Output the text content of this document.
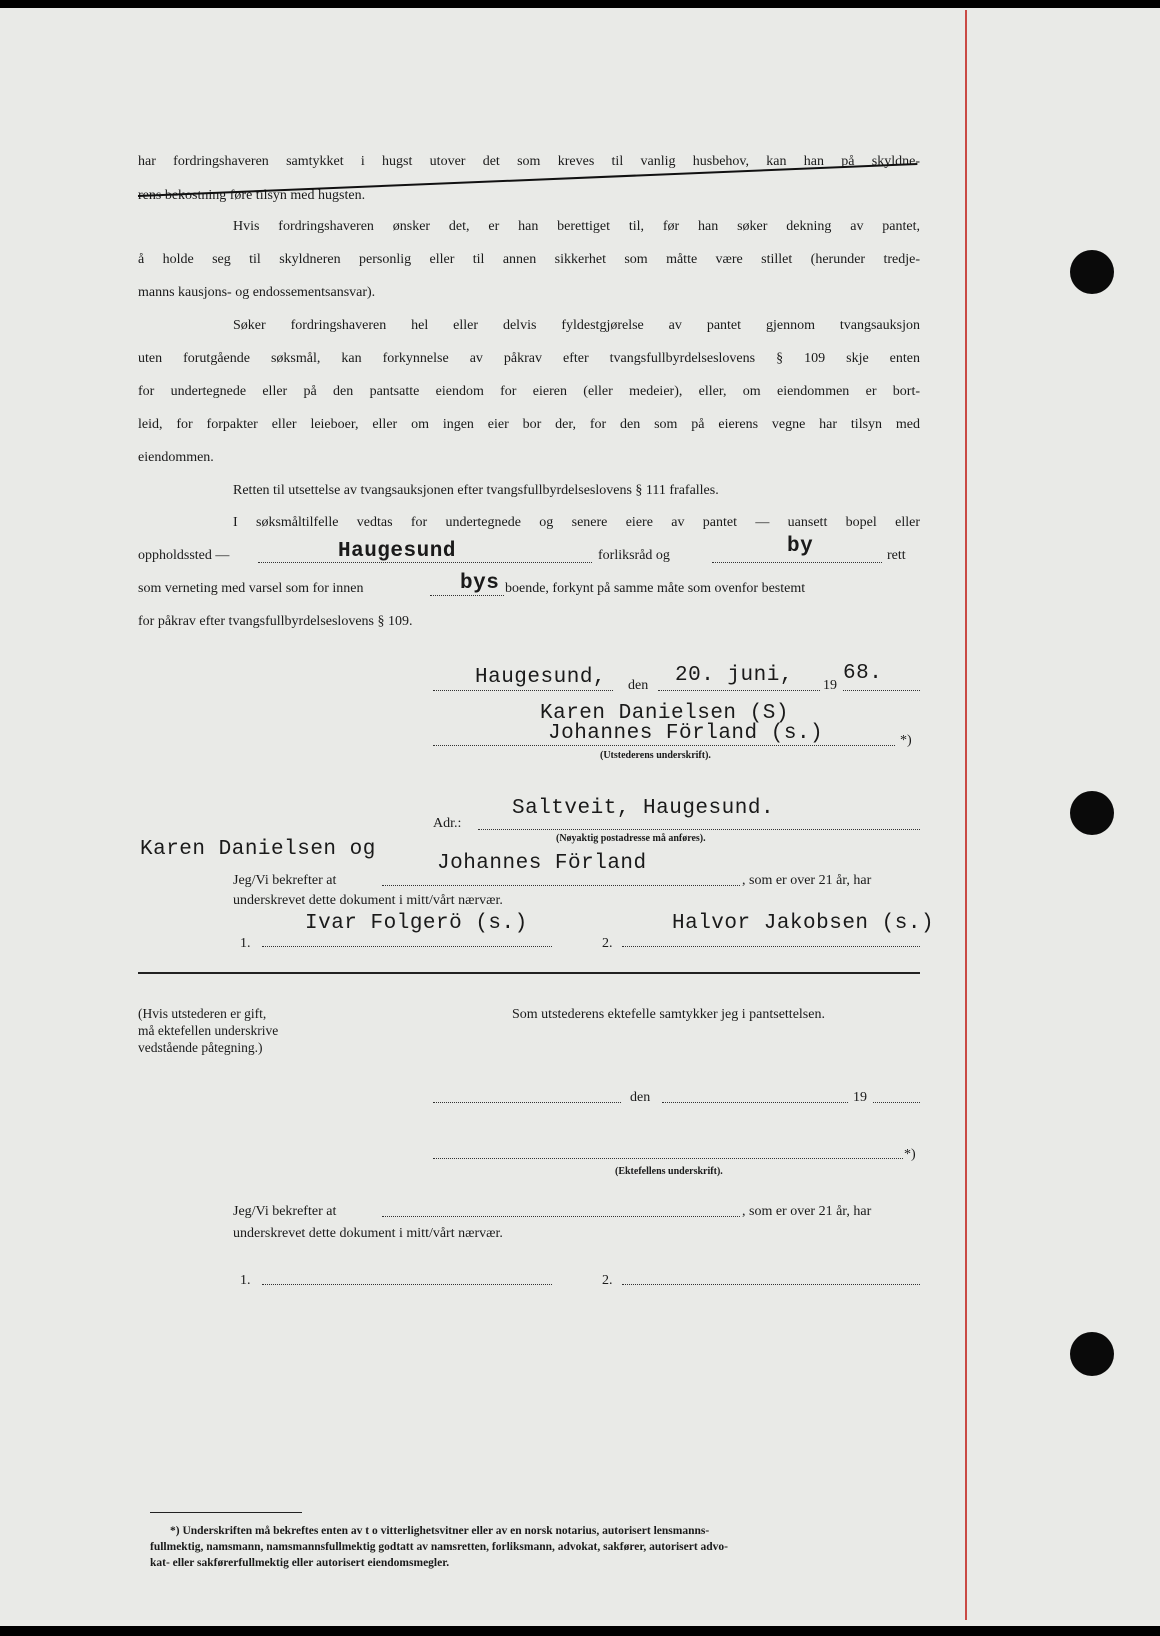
har fordringshaveren samtykket i hugst utover det som kreves til vanlig husbehov, kan han på skyldne-
rens bekostning føre tilsyn med hugsten.
Hvis fordringshaveren ønsker det, er han berettiget til, før han søker dekning av pantet,
å holde seg til skyldneren personlig eller til annen sikkerhet som måtte være stillet (herunder tredje-
manns kausjons- og endossementsansvar).
Søker fordringshaveren hel eller delvis fyldestgjørelse av pantet gjennom tvangsauksjon
uten forutgående søksmål, kan forkynnelse av påkrav efter tvangsfullbyrdelseslovens § 109 skje enten
for undertegnede eller på den pantsatte eiendom for eieren (eller medeier), eller, om eiendommen er bort-
leid, for forpakter eller leieboer, eller om ingen eier bor der, for den som på eierens vegne har tilsyn med
eiendommen.
Retten til utsettelse av tvangsauksjonen efter tvangsfullbyrdelseslovens § 111 frafalles.
I søksmåltilfelle vedtas for undertegnede og senere eiere av pantet — uansett bopel eller
oppholdssted —	Haugesund	forliksråd og	by	rett
som verneting med varsel som for innen	bys boende, forkynt på samme måte som ovenfor bestemt
for påkrav efter tvangsfullbyrdelseslovens § 109.
Haugesund, den 20. juni, 19
68.
Karen Danielsen (S)
Johannes Förland (s.)	*)
(Utstederens underskrift).
Adr.:
Saltveit, Haugesund.
(Nøyaktig postadresse må anføres).
Karen Danielsen og
Jeg/Vi bekrefter at
Johannes Förland
, som er over 21 år, har
underskrevet dette dokument i mitt/vårt nærvær.
1.
Ivar Folgerö (s.)
2.
Halvor Jakobsen (s.)
(Hvis utstederen er gift,
må ektefellen underskrive
vedstående påtegning.)
Som utstederens ektefelle samtykker jeg i pantsettelsen.
den	19
*)
(Ektefellens underskrift).
Jeg/Vi bekrefter at	, som er over 21 år, har
underskrevet dette dokument i mitt/vårt nærvær.
1.	2.
*) Underskriften må bekreftes enten av t o vitterlighetsvitner eller av en norsk notarius, autorisert lensmanns-
fullmektig, namsmann, namsmannsfullmektig godtatt av namsretten, forliksmann, advokat, sakfører, autorisert advo-
kat- eller sakførerfullmektig eller autorisert eiendomsmegler.
